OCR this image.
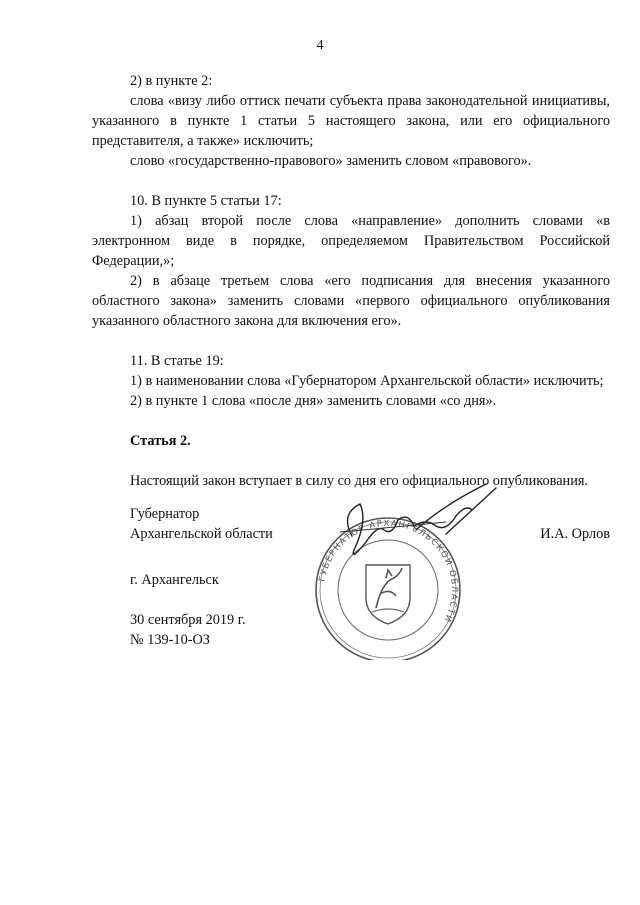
4

2) в пункте 2:

слова «визу либо оттиск печати субъекта права законодательной инициативы, указанного в пункте 1 статьи 5 настоящего закона, или его официального представителя, а также» исключить;

слово «государственно-правового» заменить словом «правового».

10. В пункте 5 статьи 17:

1) абзац второй после слова «направление» дополнить словами «в электронном виде в порядке, определяемом Правительством Российской Федерации,»;

2) в абзаце третьем слова «его подписания для внесения указанного областного закона» заменить словами «первого официального опубликования указанного областного закона для включения его».

11. В статье 19:

1) в наименовании слова «Губернатором Архангельской области» исключить;

2) в пункте 1 слова «после дня» заменить словами «со дня».

Статья 2.

Настоящий закон вступает в силу со дня его официального опубликования.

Губернатор
Архангельской области	И.А. Орлов
г. Архангельск
30 сентября 2019 г.
№ 139-10-ОЗ
ГУБЕРНАТОР АРХАНГЕЛЬСКОЙ ОБЛАСТИ
